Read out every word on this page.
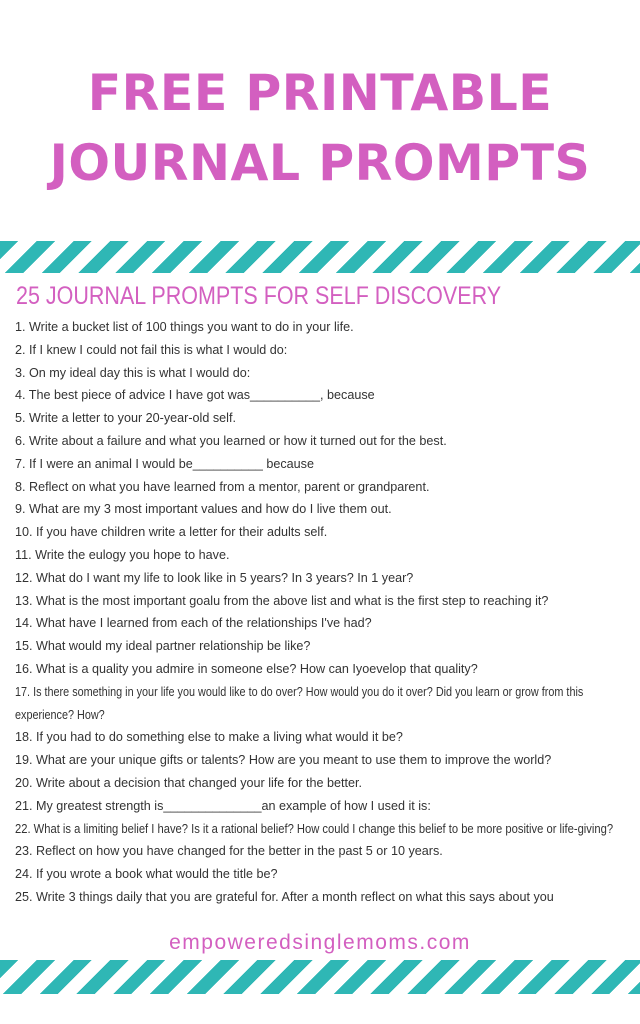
FREE PRINTABLE
JOURNAL PROMPTS
25 JOURNAL PROMPTS FOR SELF DISCOVERY
1. Write a bucket list of 100 things you want to do in your life.
2. If I knew I could not fail this is what I would do:
3. On my ideal day this is what I would do:
4. The best piece of advice I have got was__________, because
5. Write a letter to your 20-year-old self.
6. Write about a failure and what you learned or how it turned out for the best.
7. If I were an animal I would be__________ because
8. Reflect on what you have learned from a mentor, parent or grandparent.
9. What are my 3 most important values and how do I live them out.
10. If you have children write a letter for their adults self.
11. Write the eulogy you hope to have.
12. What do I want my life to look like in 5 years? In 3 years? In 1 year?
13. What is the most important goalu from the above list and what is the first step to reaching it?
14. What have I learned from each of the relationships I've had?
15. What would my ideal partner relationship be like?
16. What is a quality you admire in someone else? How can Iyoevelop that quality?
17. Is there something in your life you would like to do over? How would you do it over? Did you learn or grow from this experience? How?
18. If you had to do something else to make a living what would it be?
19. What are your unique gifts or talents? How are you meant to use them to improve the world?
20. Write about a decision that changed your life for the better.
21. My greatest strength is______________an example of how I used it is:
22. What is a limiting belief I have? Is it a rational belief? How could I change this belief to be more positive or life-giving?
23. Reflect on how you have changed for the better in the past 5 or 10 years.
24. If you wrote a book what would the title be?
25. Write 3 things daily that you are grateful for. After a month reflect on what this says about you
empoweredsinglemoms.com
